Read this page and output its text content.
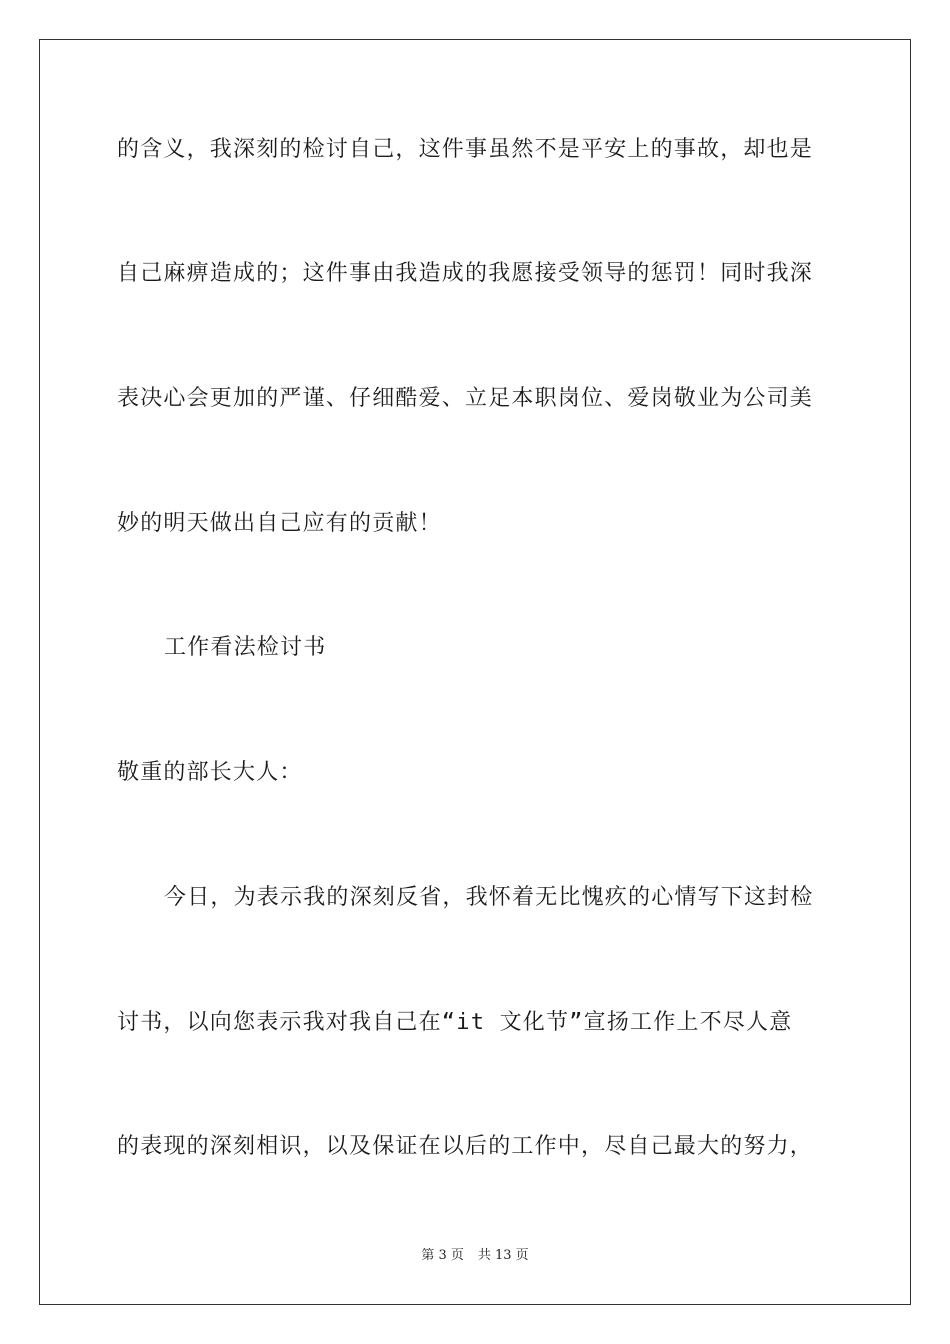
的含义，我深刻的检讨自己，这件事虽然不是平安上的事故，却也是
自己麻痹造成的；这件事由我造成的我愿接受领导的惩罚！同时我深
表决心会更加的严谨、仔细酷爱、立足本职岗位、爱岗敬业为公司美
妙的明天做出自己应有的贡献！
工作看法检讨书
敬重的部长大人：
今日，为表示我的深刻反省，我怀着无比愧疚的心情写下这封检
讨书，以向您表示我对我自己在“it 文化节”宣扬工作上不尽人意
的表现的深刻相识，以及保证在以后的工作中，尽自己最大的努力，
第 3 页 共 13 页
